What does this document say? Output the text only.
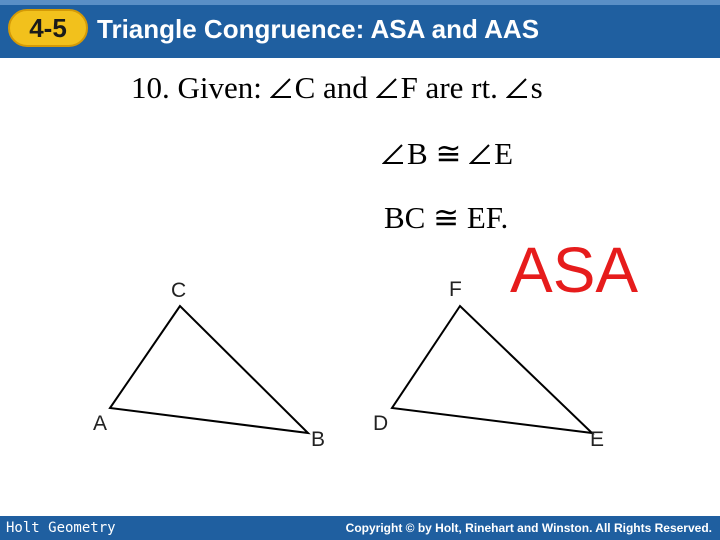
4-5	Triangle Congruence: ASA and AAS
10. Given: C and F are rt. s
B ≅ E
BC ≅ EF.
ASA
C
A
B
F
D
E
Holt Geometry	Copyright © by Holt, Rinehart and Winston. All Rights Reserved.
